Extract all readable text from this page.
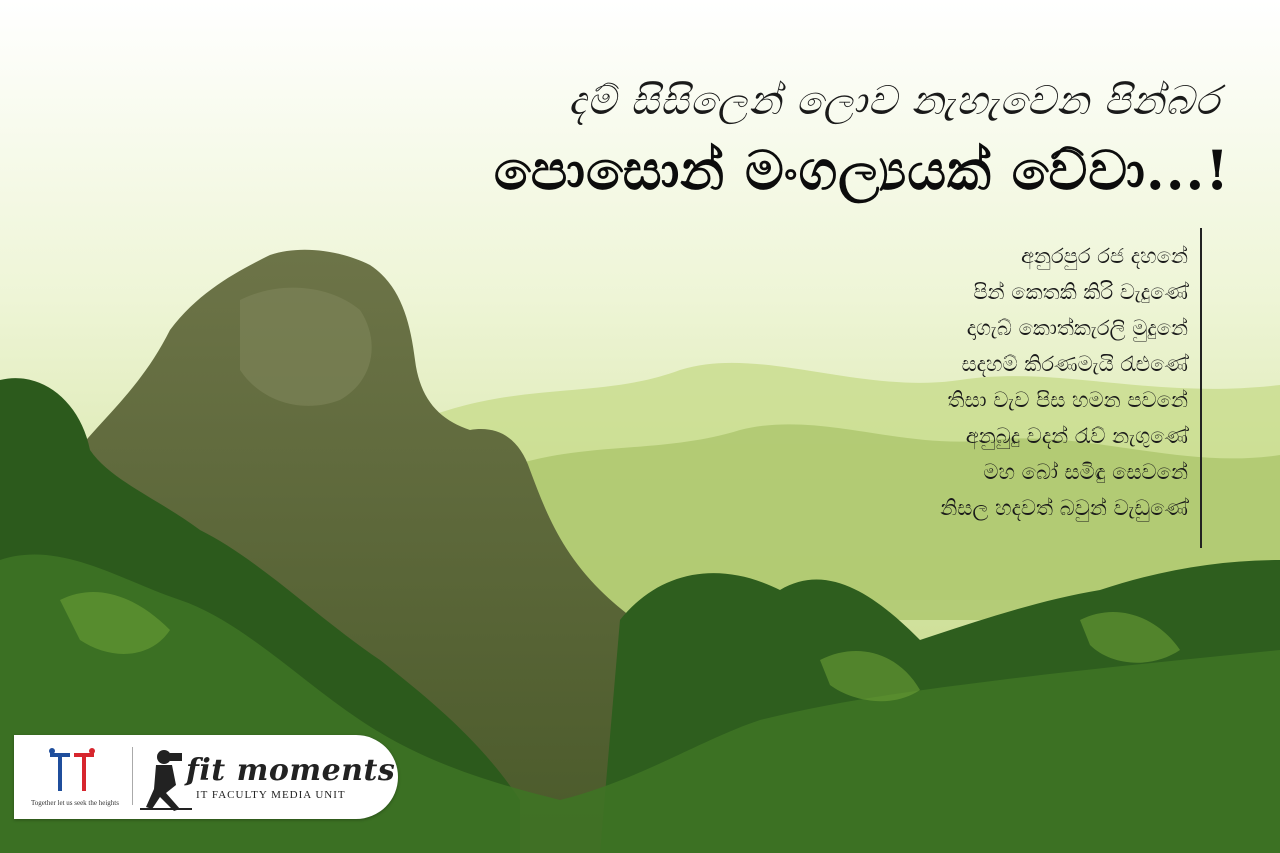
දම් සිසිලෙන් ලොව නැහැවෙන පින්බර
පොසොන් මංගල්‍යයක් වේවා...!
අනුරපුර රජ දහනේ
පින් කෙතකි කිරි වැදුණේ
දාගැබ් කොත්කැරලි මුදුනේ
සදහම් කිරණමැයි රැළුණේ
තිසා වැව පිස හමන පවනේ
අනුබුදු වදන් රැව් නැගුණේ
මහ බෝ සමිඳු සෙවනේ
නිසල හදවත් බවුන් වැඩුණේ
Together let us seek the heights
fit moments
IT FACULTY MEDIA UNIT
